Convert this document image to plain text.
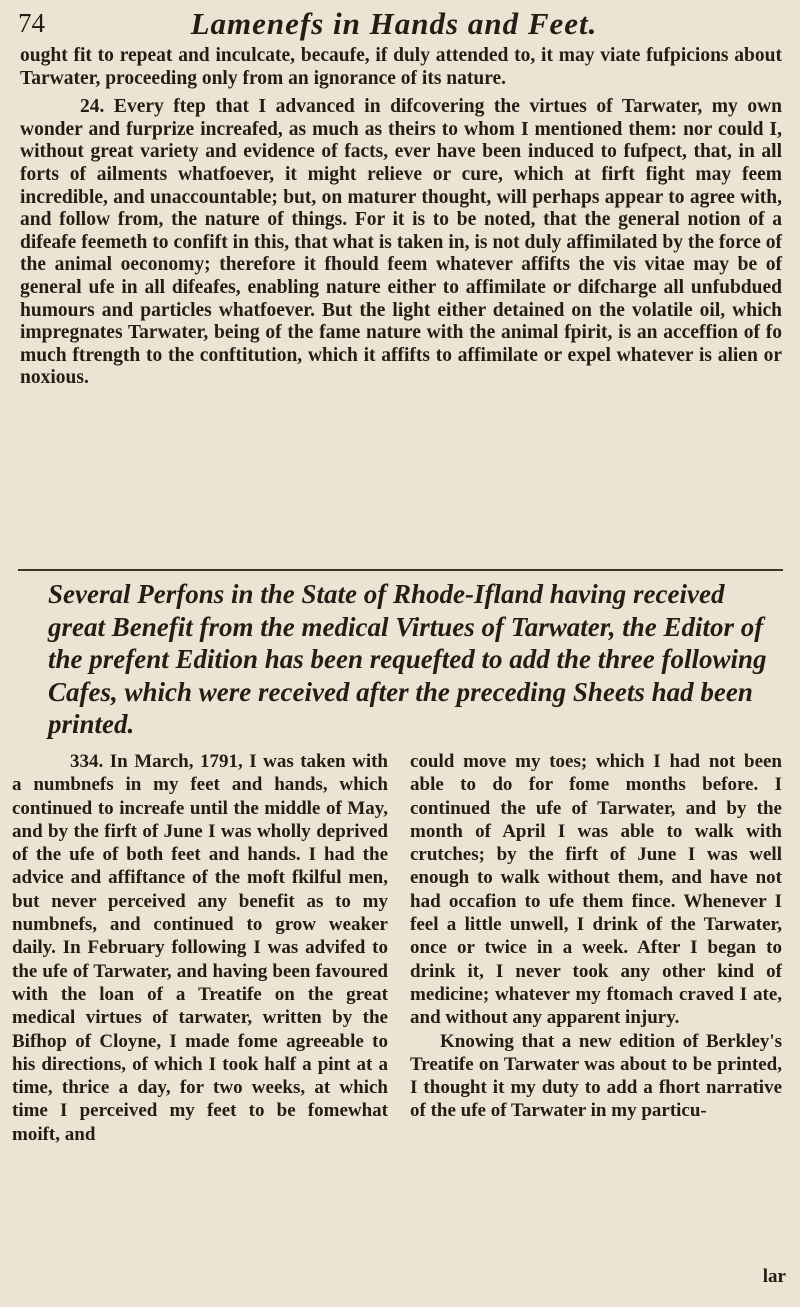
74	Lamenefs in Hands and Feet.

ought fit to repeat and inculcate, becaufe, if duly attended to, it may viate fufpicions about Tarwater, proceeding only from an ignorance of its nature.

24. Every ftep that I advanced in difcovering the virtues of Tarwater, my own wonder and furprize increafed, as much as theirs to whom I mentioned them: nor could I, without great variety and evidence of facts, ever have been induced to fufpect, that, in all forts of ailments whatfoever, it might relieve or cure, which at firft fight may feem incredible, and unaccountable; but, on maturer thought, will perhaps appear to agree with, and follow from, the nature of things. For it is to be noted, that the general notion of a difeafe feemeth to confift in this, that what is taken in, is not duly affimilated by the force of the animal oeconomy; therefore it fhould feem whatever affifts the vis vitae may be of general ufe in all difeafes, enabling nature either to affimilate or difcharge all unfubdued humours and particles whatfoever. But the light either detained on the volatile oil, which impregnates Tarwater, being of the fame nature with the animal fpirit, is an acceffion of fo much ftrength to the conftitution, which it affifts to affimilate or expel whatever is alien or noxious.

Several Perfons in the State of Rhode-Ifland having received great Benefit from the medical Virtues of Tarwater, the Editor of the prefent Edition has been requefted to add the three following Cafes, which were received after the preceding Sheets had been printed.

334. In March, 1791, I was taken with a numbnefs in my feet and hands, which continued to increafe until the middle of May, and by the firft of June I was wholly deprived of the ufe of both feet and hands. I had the advice and affiftance of the moft fkilful men, but never perceived any benefit as to my numbnefs, and continued to grow weaker daily. In February following I was advifed to the ufe of Tarwater, and having been favoured with the loan of a Treatife on the great medical virtues of tarwater, written by the Bifhop of Cloyne, I made fome agreeable to his directions, of which I took half a pint at a time, thrice a day, for two weeks, at which time I perceived my feet to be fomewhat moift, and

could move my toes; which I had not been able to do for fome months before. I continued the ufe of Tarwater, and by the month of April I was able to walk with crutches; by the firft of June I was well enough to walk without them, and have not had occafion to ufe them fince. Whenever I feel a little unwell, I drink of the Tarwater, once or twice in a week. After I began to drink it, I never took any other kind of medicine; whatever my ftomach craved I ate, and without any apparent injury.

Knowing that a new edition of Berkley's Treatife on Tarwater was about to be printed, I thought it my duty to add a fhort narrative of the ufe of Tarwater in my particu-

lar
